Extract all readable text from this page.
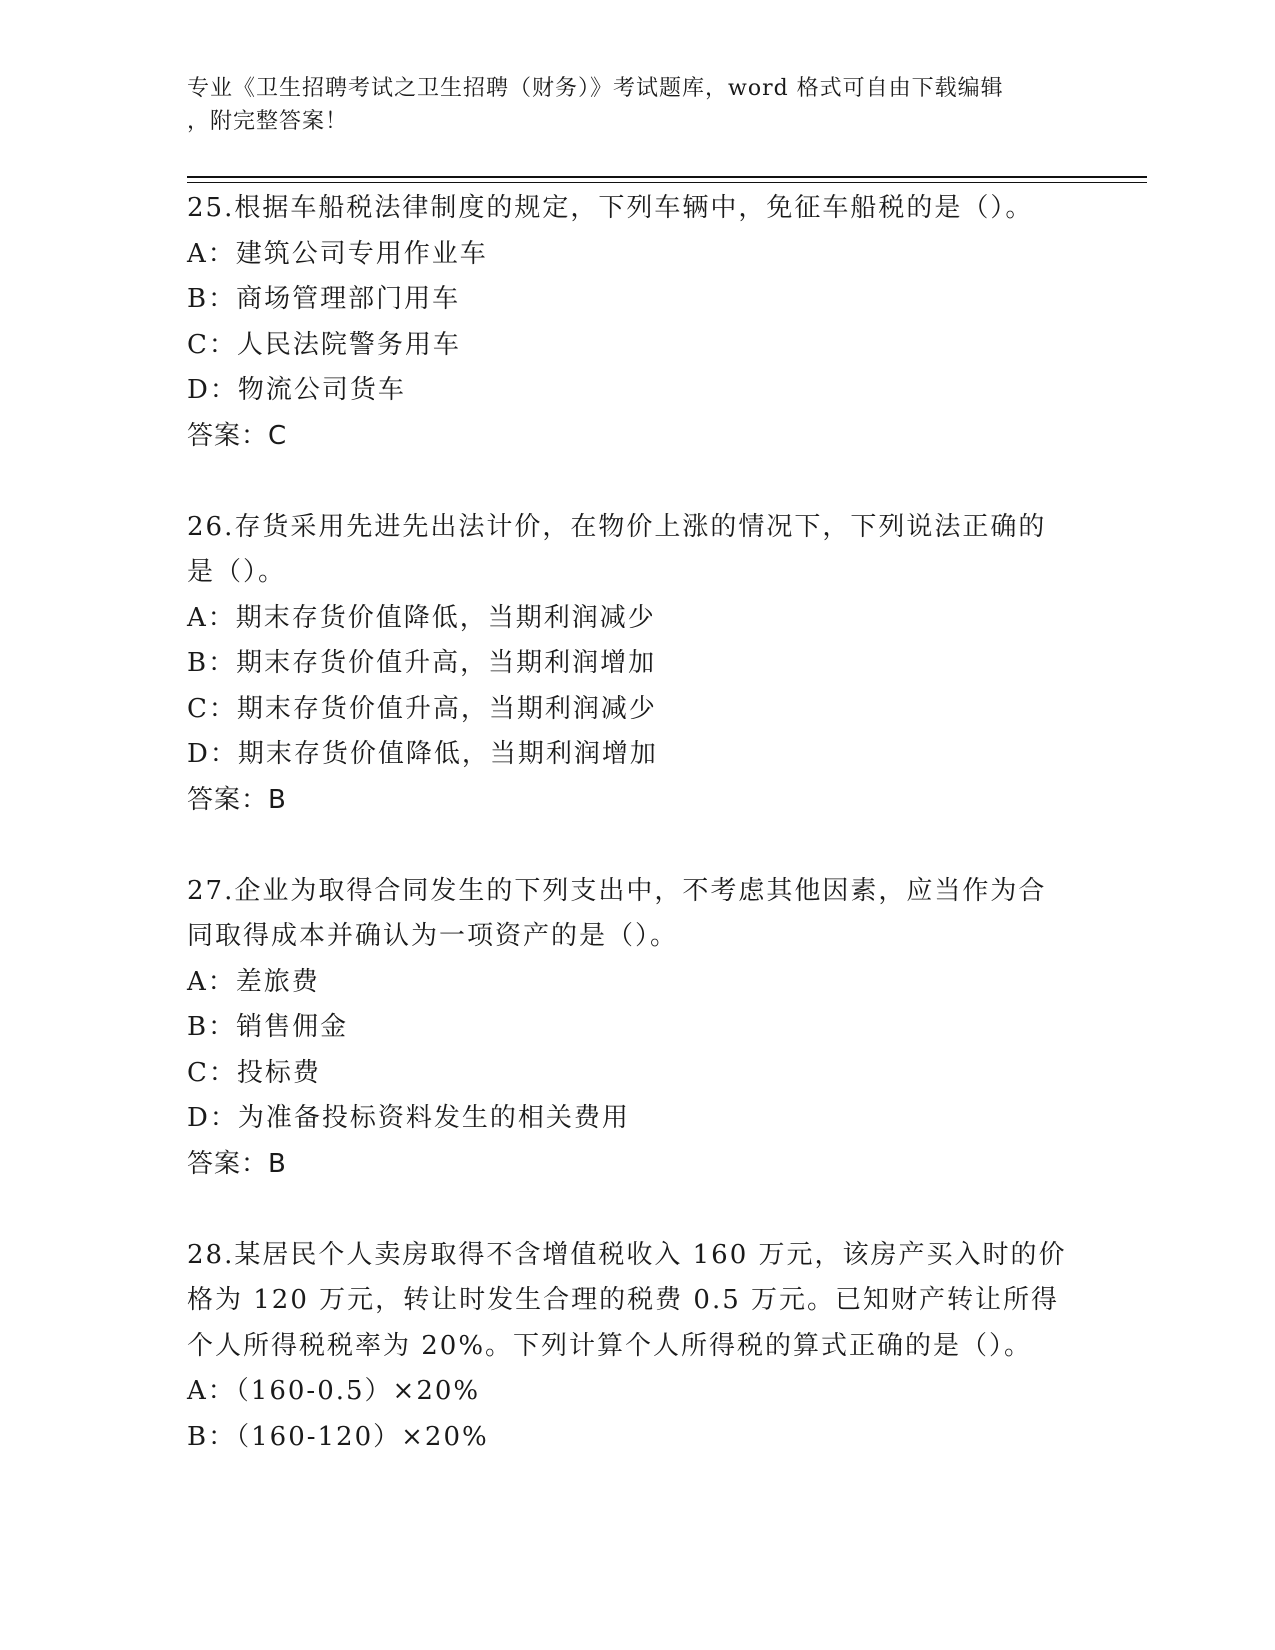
专业《卫生招聘考试之卫生招聘（财务）》考试题库，word 格式可自由下载编辑
，附完整答案！

25.根据车船税法律制度的规定，下列车辆中，免征车船税的是（）。

A：建筑公司专用作业车

B：商场管理部门用车

C：人民法院警务用车

D：物流公司货车

答案：C

26.存货采用先进先出法计价，在物价上涨的情况下，下列说法正确的

是（）。

A：期末存货价值降低，当期利润减少

B：期末存货价值升高，当期利润增加

C：期末存货价值升高，当期利润减少

D：期末存货价值降低，当期利润增加

答案：B

27.企业为取得合同发生的下列支出中，不考虑其他因素，应当作为合

同取得成本并确认为一项资产的是（）。

A：差旅费

B：销售佣金

C：投标费

D：为准备投标资料发生的相关费用

答案：B

28.某居民个人卖房取得不含增值税收入 160 万元，该房产买入时的价

格为 120 万元，转让时发生合理的税费 0.5 万元。已知财产转让所得

个人所得税税率为 20%。下列计算个人所得税的算式正确的是（）。

A：（160-0.5）×20%

B：（160-120）×20%
